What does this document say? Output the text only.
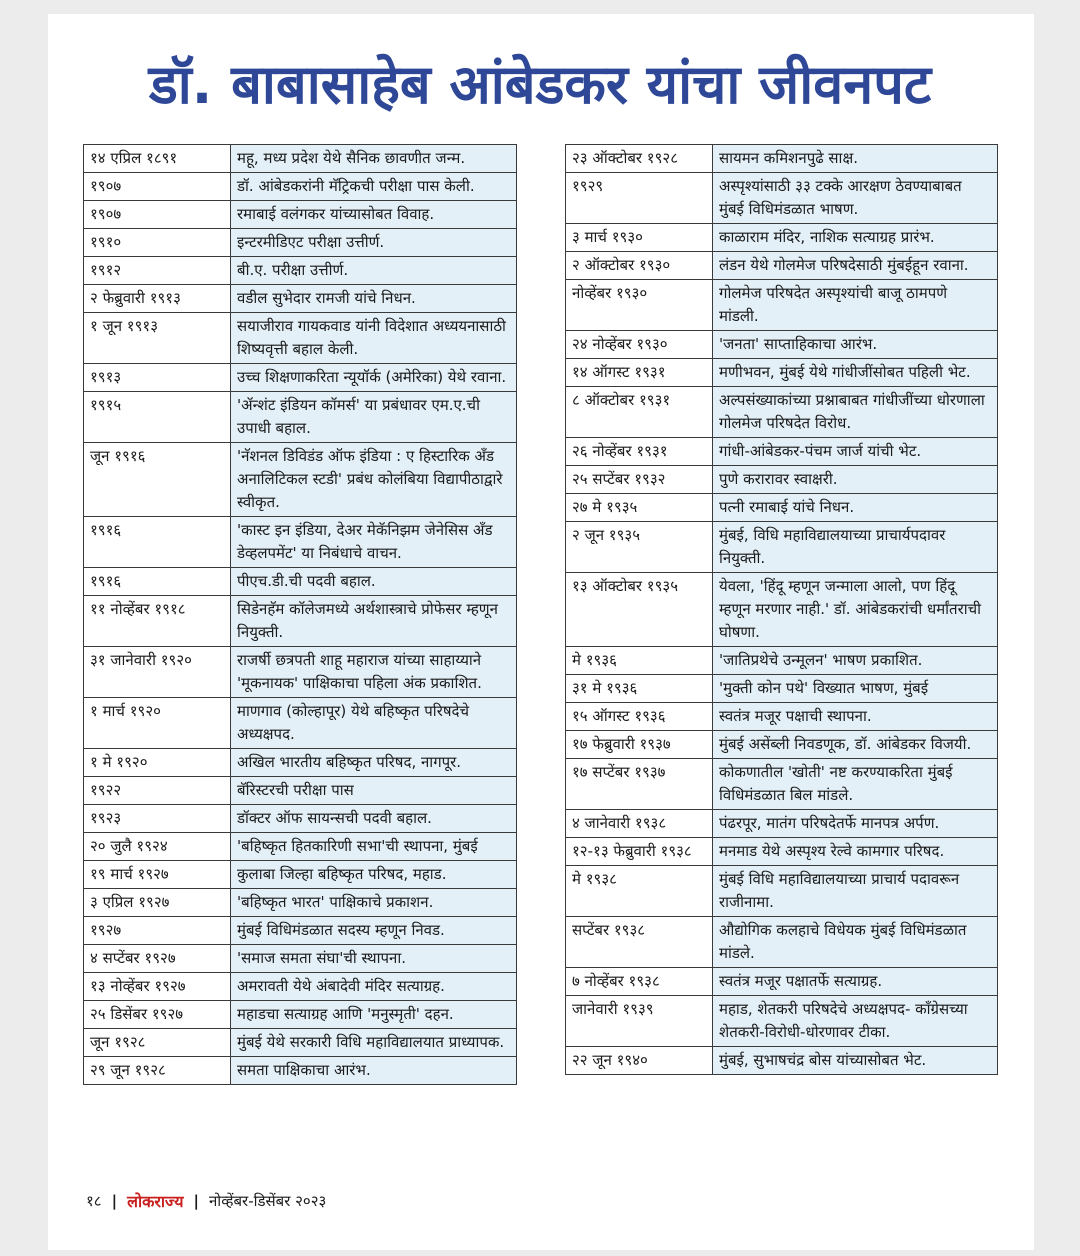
डॉ. बाबासाहेब आंबेडकर यांचा जीवनपट
१४ एप्रिल १८९१	महू, मध्य प्रदेश येथे सैनिक छावणीत जन्म.
१९०७	डॉ. आंबेडकरांनी मॅट्रिकची परीक्षा पास केली.
१९०७	रमाबाई वलंगकर यांच्यासोबत विवाह.
१९१०	इन्टरमीडिएट परीक्षा उत्तीर्ण.
१९१२	बी.ए. परीक्षा उत्तीर्ण.
२ फेब्रुवारी १९१३	वडील सुभेदार रामजी यांचे निधन.
१ जून १९१३	सयाजीराव गायकवाड यांनी विदेशात अध्ययनासाठी शिष्यवृत्ती बहाल केली.
१९१३	उच्च शिक्षणाकरिता न्यूयॉर्क (अमेरिका) येथे रवाना.
१९१५	'ॲन्शंट इंडियन कॉमर्स' या प्रबंधावर एम.ए.ची उपाधी बहाल.
जून १९१६	'नॅशनल डिविडंड ऑफ इंडिया : ए हिस्टारिक अँड अनालिटिकल स्टडी' प्रबंध कोलंबिया विद्यापीठाद्वारे स्वीकृत.
१९१६	'कास्ट इन इंडिया, देअर मेकॅनिझम जेनेसिस अँड डेव्हलपमेंट' या निबंधाचे वाचन.
१९१६	पीएच.डी.ची पदवी बहाल.
११ नोव्हेंबर १९१८	सिडेनहॅम कॉलेजमध्ये अर्थशास्त्राचे प्रोफेसर म्हणून नियुक्ती.
३१ जानेवारी १९२०	राजर्षी छत्रपती शाहू महाराज यांच्या साहाय्याने 'मूकनायक' पाक्षिकाचा पहिला अंक प्रकाशित.
१ मार्च १९२०	माणगाव (कोल्हापूर) येथे बहिष्कृत परिषदेचे अध्यक्षपद.
१ मे १९२०	अखिल भारतीय बहिष्कृत परिषद, नागपूर.
१९२२	बॅरिस्टरची परीक्षा पास
१९२३	डॉक्टर ऑफ सायन्सची पदवी बहाल.
२० जुलै १९२४	'बहिष्कृत हितकारिणी सभा'ची स्थापना, मुंबई
१९ मार्च १९२७	कुलाबा जिल्हा बहिष्कृत परिषद, महाड.
३ एप्रिल १९२७	'बहिष्कृत भारत' पाक्षिकाचे प्रकाशन.
१९२७	मुंबई विधिमंडळात सदस्य म्हणून निवड.
४ सप्टेंबर १९२७	'समाज समता संघा'ची स्थापना.
१३ नोव्हेंबर १९२७	अमरावती येथे अंबादेवी मंदिर सत्याग्रह.
२५ डिसेंबर १९२७	महाडचा सत्याग्रह आणि 'मनुस्मृती' दहन.
जून १९२८	मुंबई येथे सरकारी विधि महाविद्यालयात प्राध्यापक.
२९ जून १९२८	समता पाक्षिकाचा आरंभ.
२३ ऑक्टोबर १९२८	सायमन कमिशनपुढे साक्ष.
१९२९	अस्पृश्यांसाठी ३३ टक्के आरक्षण ठेवण्याबाबत मुंबई विधिमंडळात भाषण.
३ मार्च १९३०	काळाराम मंदिर, नाशिक सत्याग्रह प्रारंभ.
२ ऑक्टोबर १९३०	लंडन येथे गोलमेज परिषदेसाठी मुंबईहून रवाना.
नोव्हेंबर १९३०	गोलमेज परिषदेत अस्पृश्यांची बाजू ठामपणे मांडली.
२४ नोव्हेंबर १९३०	'जनता' साप्ताहिकाचा आरंभ.
१४ ऑगस्ट १९३१	मणीभवन, मुंबई येथे गांधीजींसोबत पहिली भेट.
८ ऑक्टोबर १९३१	अल्पसंख्याकांच्या प्रश्नाबाबत गांधीजींच्या धोरणाला गोलमेज परिषदेत विरोध.
२६ नोव्हेंबर १९३१	गांधी-आंबेडकर-पंचम जार्ज यांची भेट.
२५ सप्टेंबर १९३२	पुणे करारावर स्वाक्षरी.
२७ मे १९३५	पत्नी रमाबाई यांचे निधन.
२ जून १९३५	मुंबई, विधि महाविद्यालयाच्या प्राचार्यपदावर नियुक्ती.
१३ ऑक्टोबर १९३५	येवला, 'हिंदू म्हणून जन्माला आलो, पण हिंदू म्हणून मरणार नाही.' डॉ. आंबेडकरांची धर्मांतराची घोषणा.
मे १९३६	'जातिप्रथेचे उन्मूलन' भाषण प्रकाशित.
३१ मे १९३६	'मुक्ती कोन पथे' विख्यात भाषण, मुंबई
१५ ऑगस्ट १९३६	स्वतंत्र मजूर पक्षाची स्थापना.
१७ फेब्रुवारी १९३७	मुंबई असेंब्ली निवडणूक, डॉ. आंबेडकर विजयी.
१७ सप्टेंबर १९३७	कोकणातील 'खोती' नष्ट करण्याकरिता मुंबई विधिमंडळात बिल मांडले.
४ जानेवारी १९३८	पंढरपूर, मातंग परिषदेतर्फे मानपत्र अर्पण.
१२-१३ फेब्रुवारी १९३८	मनमाड येथे अस्पृश्य रेल्वे कामगार परिषद.
मे १९३८	मुंबई विधि महाविद्यालयाच्या प्राचार्य पदावरून राजीनामा.
सप्टेंबर १९३८	औद्योगिक कलहाचे विधेयक मुंबई विधिमंडळात मांडले.
७ नोव्हेंबर १९३८	स्वतंत्र मजूर पक्षातर्फे सत्याग्रह.
जानेवारी १९३९	महाड, शेतकरी परिषदेचे अध्यक्षपद- कॉंग्रेसच्या शेतकरी-विरोधी-धोरणावर टीका.
२२ जून १९४०	मुंबई, सुभाषचंद्र बोस यांच्यासोबत भेट.
१८ | लोकराज्य | नोव्हेंबर-डिसेंबर २०२३
